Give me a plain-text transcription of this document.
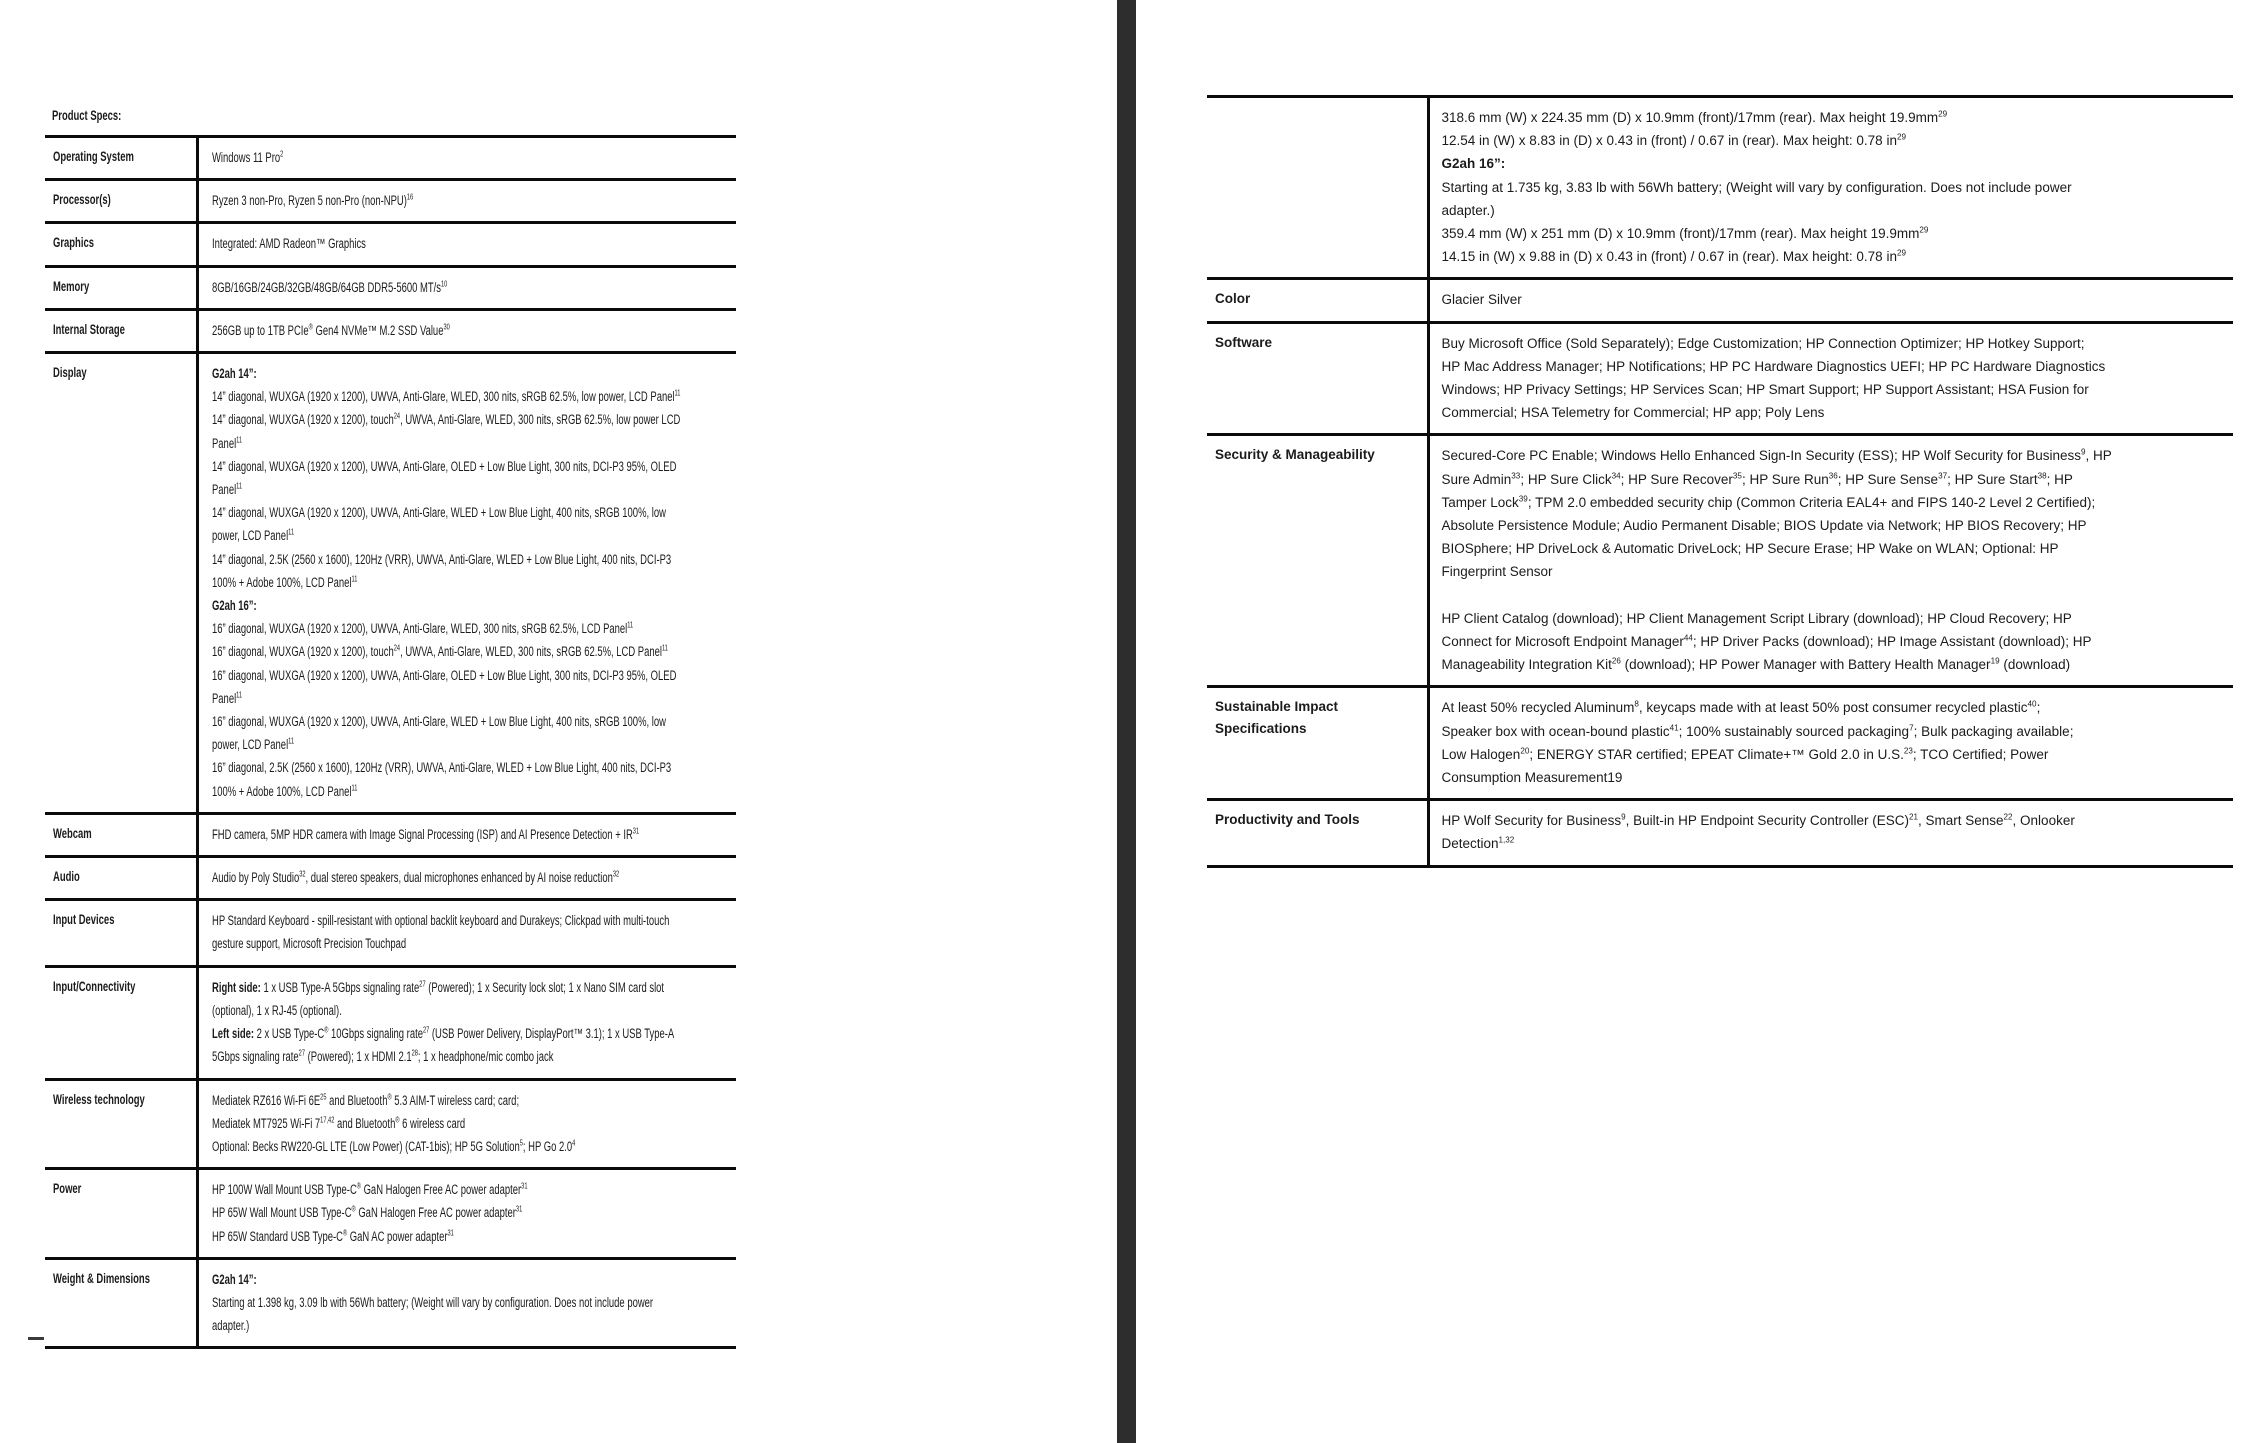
Product Specs:
Operating System	Windows 11 Pro$^2$

Processor(s)	Ryzen 3 non-Pro, Ryzen 5 non-Pro $(non-NPU)^{16}$

Graphics	Integrated: AMD Radeon™ Graphics

Memory	8GB/16GB/24GB/32GB/48GB/64GB DDR5-5600 $MT/s^{10}$

Internal Storage	256GB up to 1TB PCIe® Gen4 NVMe™ M.2 SSD Value$^{30}$

Display	G2ah 14”:
14” diagonal, WUXGA (1920 x 1200), UWVA, Anti-Glare, WLED, 300 nits, sRGB 62.5%, low power, LCD Panel$^{11}$
14” diagonal, WUXGA (1920 x 1200), touch$^{24}$, UWVA, Anti-Glare, WLED, 300 nits, sRGB 62.5%, low power LCD
Panel$^{11}$
14” diagonal, WUXGA (1920 x 1200), UWVA, Anti-Glare, OLED + Low Blue Light, 300 nits, DCI-P3 95%, OLED
Panel$^{11}$
14” diagonal, WUXGA (1920 x 1200), UWVA, Anti-Glare, WLED + Low Blue Light, 400 nits, sRGB 100%, low
power, LCD Panel$^{11}$
14” diagonal, 2.5K (2560 x 1600), 120Hz (VRR), UWVA, Anti-Glare, WLED + Low Blue Light, 400 nits, DCI-P3
100% + Adobe 100%, LCD Panel$^{11}$
G2ah 16”:
16” diagonal, WUXGA (1920 x 1200), UWVA, Anti-Glare, WLED, 300 nits, sRGB 62.5%, LCD Panel$^{11}$
16” diagonal, WUXGA (1920 x 1200), touch$^{24}$, UWVA, Anti-Glare, WLED, 300 nits, sRGB 62.5%, LCD Panel$^{11}$
16” diagonal, WUXGA (1920 x 1200), UWVA, Anti-Glare, OLED + Low Blue Light, 300 nits, DCI-P3 95%, OLED
Panel$^{11}$
16” diagonal, WUXGA (1920 x 1200), UWVA, Anti-Glare, WLED + Low Blue Light, 400 nits, sRGB 100%, low
power, LCD Panel$^{11}$
16” diagonal, 2.5K (2560 x 1600), 120Hz (VRR), UWVA, Anti-Glare, WLED + Low Blue Light, 400 nits, DCI-P3
100% + Adobe 100%, LCD Panel$^{11}$

Webcam	FHD camera, 5MP HDR camera with Image Signal Processing (ISP) and AI Presence Detection + $IR^{31}$

Audio	Audio by Poly Studio$^{32}$, dual stereo speakers, dual microphones enhanced by AI noise reduction$^{32}$

Input Devices	HP Standard Keyboard - spill-resistant with optional backlit keyboard and Durakeys; Clickpad with multi-touch
gesture support, Microsoft Precision Touchpad

Input/Connectivity	Right side: 1 x USB Type-A 5Gbps signaling rate$^{27}$ (Powered); 1 x Security lock slot; 1 x Nano SIM card slot
(optional), 1 x RJ-45 (optional).
Left side: 2 x USB Type-C® 10Gbps signaling rate$^{27}$ (USB Power Delivery, DisplayPort™ 3.1); 1 x USB Type-A
5Gbps signaling rate$^{27}$ (Powered); 1 x HDMI $2.1^{28}$; 1 x headphone/mic combo jack

Wireless technology	Mediatek RZ616 Wi-Fi $6E^{25}$ and Bluetooth® 5.3 AIM-T wireless card; card;
Mediatek MT7925 Wi-Fi 7$^{17,42}$ and Bluetooth® 6 wireless card
Optional: Becks RW220-GL LTE (Low Power) (CAT-1bis); HP 5G Solution$^5$; HP Go $2.0^4$

Power	HP 100W Wall Mount USB Type-C® GaN Halogen Free AC power adapter$^{31}$
HP 65W Wall Mount USB Type-C® GaN Halogen Free AC power adapter$^{31}$
HP 65W Standard USB Type-C® GaN AC power adapter$^{31}$

Weight & Dimensions	G2ah 14”:
Starting at 1.398 kg, 3.09 lb with 56Wh battery; (Weight will vary by configuration. Does not include power
adapter.)

318.6 mm (W) x 224.35 mm (D) x 10.9mm (front)/17mm (rear). Max height $19.9mm^{29}$
12.54 in (W) x 8.83 in (D) x 0.43 in (front) / 0.67 in (rear). Max height: 0.78 $in^{29}$
G2ah 16”:
Starting at 1.735 kg, 3.83 lb with 56Wh battery; (Weight will vary by configuration. Does not include power
adapter.)
359.4 mm (W) x 251 mm (D) x 10.9mm (front)/17mm (rear). Max height $19.9mm^{29}$
14.15 in (W) x 9.88 in (D) x 0.43 in (front) / 0.67 in (rear). Max height: 0.78 $in^{29}$

Color	Glacier Silver

Software	Buy Microsoft Office (Sold Separately); Edge Customization; HP Connection Optimizer; HP Hotkey Support;
HP Mac Address Manager; HP Notifications; HP PC Hardware Diagnostics UEFI; HP PC Hardware Diagnostics
Windows; HP Privacy Settings; HP Services Scan; HP Smart Support; HP Support Assistant; HSA Fusion for
Commercial; HSA Telemetry for Commercial; HP app; Poly Lens

Security & Manageability	Secured-Core PC Enable; Windows Hello Enhanced Sign-In Security (ESS); HP Wolf Security for Business$^9$, HP
Sure Admin$^{33}$; HP Sure Click$^{34}$; HP Sure Recover$^{35}$; HP Sure Run$^{36}$; HP Sure Sense$^{37}$; HP Sure Start$^{38}$; HP
Tamper Lock$^{39}$; TPM 2.0 embedded security chip (Common Criteria EAL4+ and FIPS 140-2 Level 2 Certified);
Absolute Persistence Module; Audio Permanent Disable; BIOS Update via Network; HP BIOS Recovery; HP
BIOSphere; HP DriveLock & Automatic DriveLock; HP Secure Erase; HP Wake on WLAN; Optional: HP
Fingerprint Sensor

HP Client Catalog (download); HP Client Management Script Library (download); HP Cloud Recovery; HP
Connect for Microsoft Endpoint Manager$^{44}$; HP Driver Packs (download); HP Image Assistant (download); HP
Manageability Integration Kit$^{26}$ (download); HP Power Manager with Battery Health Manager$^{19}$ (download)

Sustainable Impact Specifications	At least 50% recycled Aluminum$^8$, keycaps made with at least 50% post consumer recycled plastic$^{40}$;
Speaker box with ocean-bound plastic$^{41}$; 100% sustainably sourced packaging$^7$; Bulk packaging available;
Low Halogen$^{20}$; ENERGY STAR certified; EPEAT Climate+™ Gold 2.0 in U.S.$^{23}$; TCO Certified; Power
Consumption Measurement19

Productivity and Tools	HP Wolf Security for Business$^9$, Built-in HP Endpoint Security Controller (ESC)$^{21}$, Smart Sense$^{22}$, Onlooker
Detection$^{1,32}$
